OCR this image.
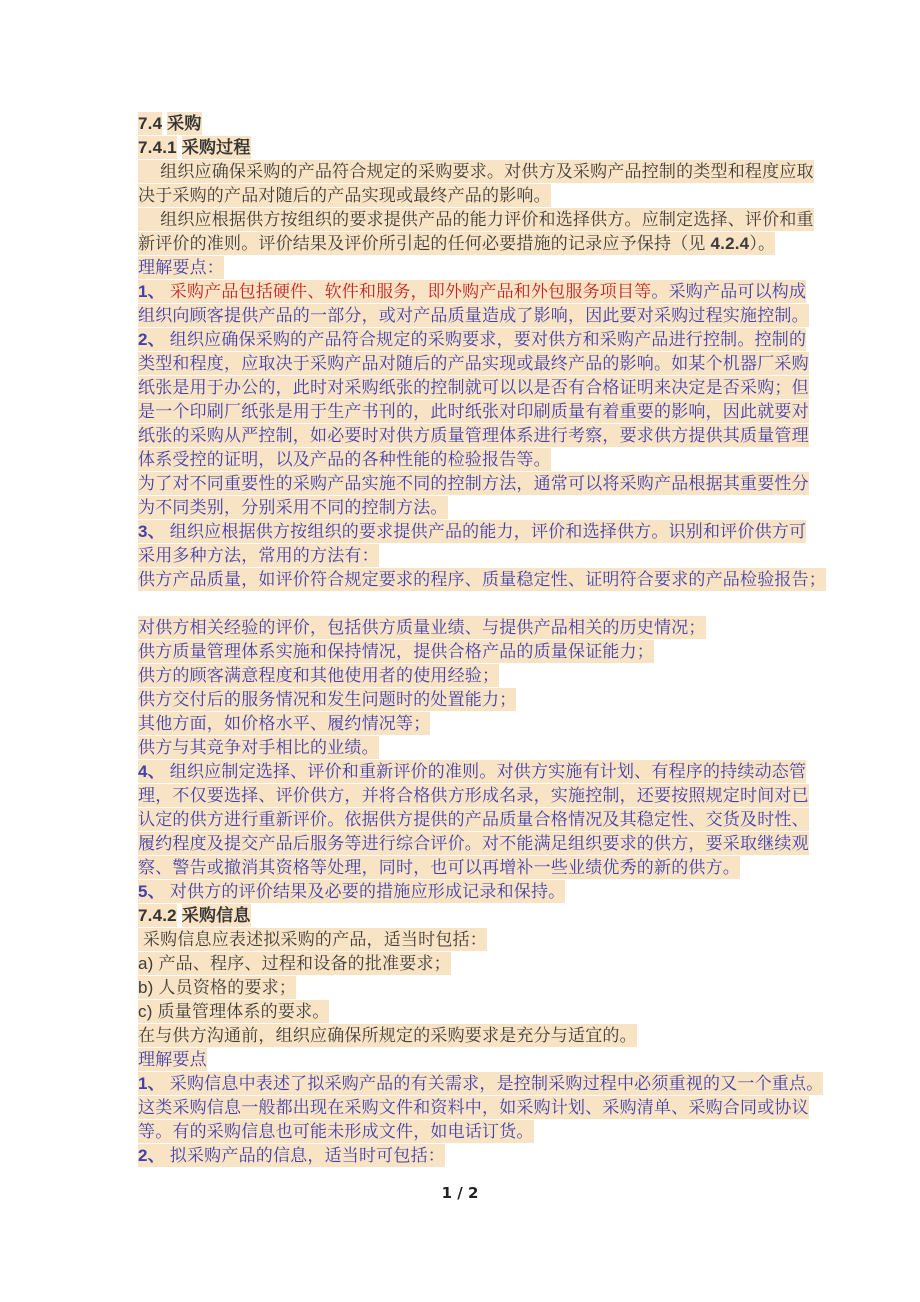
7.4 采购
7.4.1 采购过程
　 组织应确保采购的产品符合规定的采购要求。对供方及采购产品控制的类型和程度应取
决于采购的产品对随后的产品实现或最终产品的影响。
　 组织应根据供方按组织的要求提供产品的能力评价和选择供方。应制定选择、评价和重
新评价的准则。评价结果及评价所引起的任何必要措施的记录应予保持（见 4.2.4）。
理解要点：
1、 采购产品包括硬件、软件和服务，即外购产品和外包服务项目等。采购产品可以构成
组织向顾客提供产品的一部分，或对产品质量造成了影响，因此要对采购过程实施控制。
2、 组织应确保采购的产品符合规定的采购要求，要对供方和采购产品进行控制。控制的
类型和程度，应取决于采购产品对随后的产品实现或最终产品的影响。如某个机器厂采购
纸张是用于办公的，此时对采购纸张的控制就可以以是否有合格证明来决定是否采购；但
是一个印刷厂纸张是用于生产书刊的，此时纸张对印刷质量有着重要的影响，因此就要对
纸张的采购从严控制，如必要时对供方质量管理体系进行考察，要求供方提供其质量管理
体系受控的证明，以及产品的各种性能的检验报告等。
为了对不同重要性的采购产品实施不同的控制方法，通常可以将采购产品根据其重要性分
为不同类别，分别采用不同的控制方法。
3、 组织应根据供方按组织的要求提供产品的能力，评价和选择供方。识别和评价供方可
采用多种方法，常用的方法有：
供方产品质量，如评价符合规定要求的程序、质量稳定性、证明符合要求的产品检验报告；
对供方相关经验的评价，包括供方质量业绩、与提供产品相关的历史情况；
供方质量管理体系实施和保持情况，提供合格产品的质量保证能力；
供方的顾客满意程度和其他使用者的使用经验；
供方交付后的服务情况和发生问题时的处置能力；
其他方面，如价格水平、履约情况等；
供方与其竞争对手相比的业绩。
4、 组织应制定选择、评价和重新评价的准则。对供方实施有计划、有程序的持续动态管
理，不仅要选择、评价供方，并将合格供方形成名录，实施控制，还要按照规定时间对已
认定的供方进行重新评价。依据供方提供的产品质量合格情况及其稳定性、交货及时性、
履约程度及提交产品后服务等进行综合评价。对不能满足组织要求的供方，要采取继续观
察、警告或撤消其资格等处理，同时，也可以再增补一些业绩优秀的新的供方。
5、 对供方的评价结果及必要的措施应形成记录和保持。
7.4.2 采购信息
采购信息应表述拟采购的产品，适当时包括：
a) 产品、程序、过程和设备的批准要求；
b) 人员资格的要求；
c) 质量管理体系的要求。
在与供方沟通前，组织应确保所规定的采购要求是充分与适宜的。
理解要点
1、 采购信息中表述了拟采购产品的有关需求，是控制采购过程中必须重视的又一个重点。
这类采购信息一般都出现在采购文件和资料中，如采购计划、采购清单、采购合同或协议
等。有的采购信息也可能未形成文件，如电话订货。
2、 拟采购产品的信息，适当时可包括：
1 / 2
